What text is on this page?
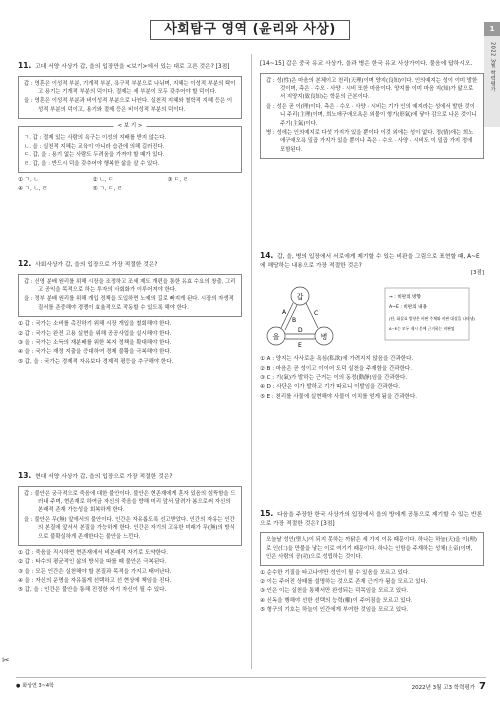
사회탐구 영역 (윤리와 사상)	1
2022 3월 학력평가
11. 고대 서양 사상가 갑, 을의 입장만을 <보기>에서 있는 대로 고른 것은? [3점]

갑 : 영혼은 이성적 부분, 기개적 부분, 욕구적 부분으로 나뉘며, 지혜는 이성적 부분의 탁이고 용기는 기개적 부분의 덕이다. 절제는 세 부분이 모두 갖추어야 할 덕이다.

을 : 영혼은 이성적 부분과 비이성적 부분으로 나뉜다. 실천적 지혜와 철학적 지혜 등은 이성적 부분의 덕이고, 용기와 절제 등은 비이성적 부분의 덕이다.

< 보 기 >

ㄱ. 갑 : 절제 있는 사람의 욕구는 이성의 지배를 받지 않는다.

ㄴ. 을 : 실천적 지혜는 교육이 아니라 습관에 의해 길러진다.

ㄷ. 갑, 을 : 용기 없는 사람도 두려움을 가져야 할 때가 있다.

ㄹ. 갑, 을 : 반드시 덕을 갖추어야 행복한 삶을 살 수 있다.

① ㄱ, ㄴ	② ㄴ, ㄷ	③ ㄷ, ㄹ
④ ㄱ, ㄴ, ㄹ	⑤ ㄱ, ㄷ, ㄹ
12. 사회사상가 갑, 을의 입장으로 가장 적절한 것은?

갑 : 신영 분배 원리를 위해 시장을 조정하고 조세 제도 개편을 통한 유효 수요의 창출, 그리고 공익을 목적으로 하는 투자의 사회화가 이루어져야 한다.

을 : 정부 분배 원리를 위해 개입 정책을 도입하면 노예의 길로 빠지게 된다. 시장의 자생적 질서를 존중해야 경쟁이 효율적으로 작동할 수 있도록 해야 한다.

① 갑 : 국가는 소비를 촉진하기 위해 시장 개입을 철회해야 한다.

② 갑 : 국가는 완전 고용 실현을 위해 공공사업을 실시해야 한다.

③ 을 : 국가는 소득의 재분배를 위한 복지 정책을 확대해야 한다.

④ 을 : 국가는 재정 지출을 증대하여 경제 불황을 극복해야 한다.

⑤ 갑, 을 : 국가는 경제적 자유보다 경제적 평등을 추구해야 한다.

13. 현대 서양 사상가 갑, 을의 입장으로 가장 적절한 것은?

갑 : 불안은 궁극적으로 죽음에 대한 불안이다. 불안은 현존재에게 혼자 있음의 섬뜩함을 드러내 주며, 현존재로 하여금 자신의 죽음을 향해 미리 앞서 달려가 봄으로써 자신의 본래적 존재 가능성을 회복하게 한다.

을 : 불안은 무(無) 앞에서의 불안이다. 인간은 자유롭도록 선고받았다. 인간의 자유는 인간의 본질에 앞서서 본질을 가능하게 한다. 인간은 자기의 고유한 미래가 무(無)의 방식으로 불확실하게 존재한다는 불안을 느낀다.

① 갑 : 죽음을 직시하면 현존재에서 비본래적 자기로 도약한다.

② 갑 : 타수의 평균적인 삶의 방식을 따를 때 불안은 극복된다.

③ 을 : 모든 인간은 실천해야 할 본질과 목적을 가지고 태어난다.

④ 을 : 자신의 운명을 자유롭게 선택하고 선 현상에 책임을 진다.

⑤ 갑, 을 : 인간은 불안을 통해 진정한 자기 자신이 될 수 있다.

[14~15] 갑은 중국 유교 사상가, 을과 병은 한국 유교 사상가이다. 물음에 답하시오.

갑 : 성(性)은 마음의 본체이고 천리(天理)이며 양지(良知)이다. 인의예지는 성이 이미 발한 것이며, 측은 · 수오 · 사양 · 시비 또한 마음이다. 양지를 이미 마음 지(知)가 앎으로서 지양지(致良知)는 학문의 근본이다.

을 : 성은 곧 이(理)이다. 측은 · 수오 · 사양 · 시비는 기가 인의 예지라는 성에서 발한 것이니 주리(主理)이며, 희노애구애오욕은 외물이 형기(形氣)에 닿아 감으로 나온 것이니 주기(主氣)이다.

병 : 성에는 인의예지로 다섯 가지가 있을 뿐이다 이것 외에는 성이 없다. 정(情)에는 희노애구애오욕 일곱 가지가 있을 뿐이나 측은 · 수오 · 사양 · 시비도 이 일곱 가지 정에 포함된다.

14. 갑, 을, 병의 입장에서 서로에게 제기할 수 있는 비판을 그림으로 표현할 때, A~E에 해당하는 내용으로 가장 적절한 것은?
[3점]
갑
을	병
A
B
C
D
E
→ : 비판의 방향
A~E : 비판의 내용
(단, 화살표 방향은 비판 주체와 비판 대상을 나타냄)
A~E는 모두 제시 문에 근거하는 비판임

① A : 양지는 사사로운 욕심(私欲)에 가려지지 않음을 간과한다.

② B : 마음은 곧 성이고 이이어 도덕 실천을 주재함을 간과한다.

③ C : 기(氣)가 발하는 근거는 이의 동정(動靜)임을 간과한다.

④ D : 사단은 이가 발하고 기가 따르니 이발임을 간과한다.

⑤ E : 천리를 사물에 실현해야 사물이 이치를 얻게 됨을 간과한다.

15. 다음을 주장한 한국 사상가의 입장에서 을의 방에게 공통으로 제기할 수 있는 반론으로 가장 적절한 것은? [3점]
오늘날 성인(聖人)이 되지 못하는 까닭은 세 가지 이유 때문이다. 하나는 하늘(天)을 이(理)로 인(仁)을 만물을 낳는 이로 여기기 때문이다. 하나는 인함을 주재하는 성체(上帝)이며, 인은 사람의 공(功)으로 성립하는 것이다.

① 순수한 기질을 타고나야만 성인이 될 수 있음을 모르고 있다.

② 이는 주어진 상태를 설명하는 것으로 존재 근거가 됨을 모르고 있다.

③ 인은 이는 실천을 통해서만 완성되는 덕목임을 모르고 있다.

④ 신독을 행해야 선한 선택의 능력(權)이 주어짐을 모르고 있다.

⑤ 형구의 기호는 하늘이 인간에게 부여한 것임을 모르고 있다.

✂
● 화상연 3~4학	2022년 3월 고3 학력평가 7
